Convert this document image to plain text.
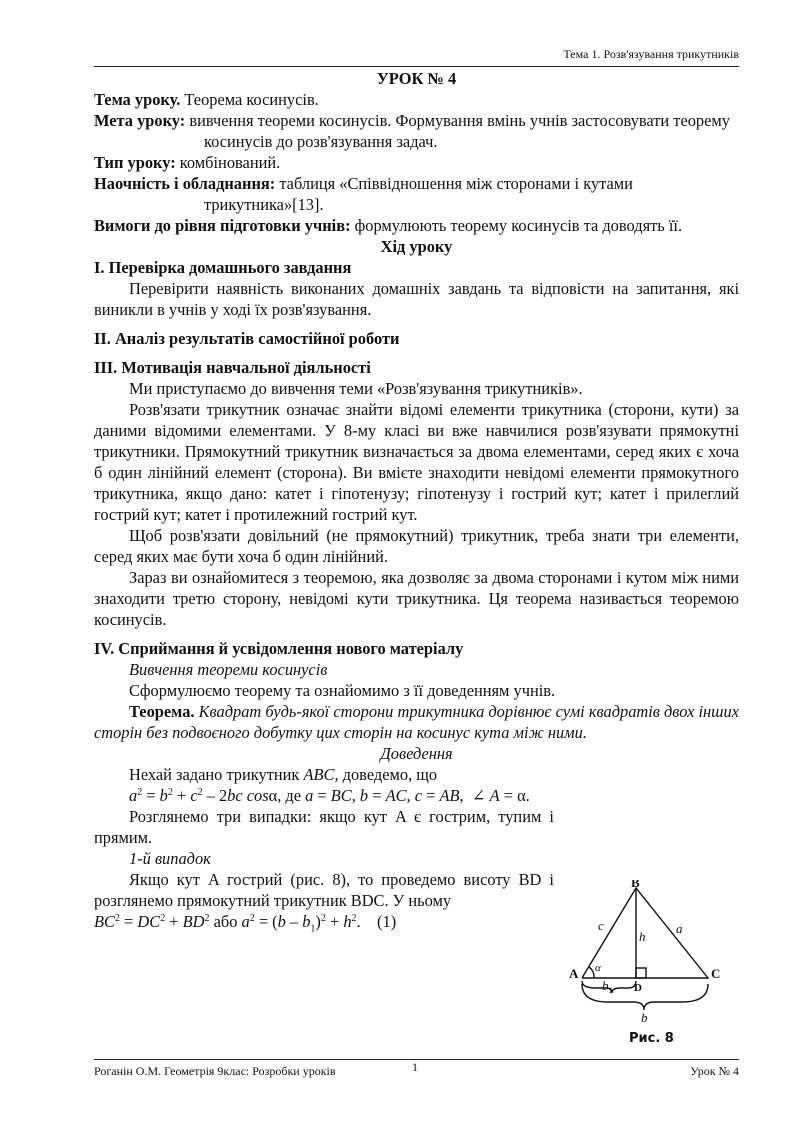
Тема 1. Розв'язування трикутників

УРОК № 4

Тема уроку. Теорема косинусів.

Мета уроку: вивчення теореми косинусів. Формування вмінь учнів застосовувати теорему косинусів до розв'язування задач.

Тип уроку: комбінований.

Наочність і обладнання: таблиця «Співвідношення між сторонами і кутами трикутника»[13].

Вимоги до рівня підготовки учнів: формулюють теорему косинусів та доводять її.

Хід уроку

I. Перевірка домашнього завдання

Перевірити наявність виконаних домашніх завдань та відповісти на запитання, які виникли в учнів у ході їх розв'язування.

II. Аналіз результатів самостійної роботи

III. Мотивація навчальної діяльності

Ми приступаємо до вивчення теми «Розв'язування трикутників».

Розв'язати трикутник означає знайти відомі елементи трикутника (сторони, кути) за даними відомими елементами. У 8-му класі ви вже навчилися розв'язувати прямокутні трикутники. Прямокутний трикутник визначається за двома елементами, серед яких є хоча б один лінійний елемент (сторона). Ви вмієте знаходити невідомі елементи прямокутного трикутника, якщо дано: катет і гіпотенузу; гіпотенузу і гострий кут; катет і прилеглий гострий кут; катет і протилежний гострий кут.

Щоб розв'язати довільний (не прямокутний) трикутник, треба знати три елементи, серед яких має бути хоча б один лінійний.

Зараз ви ознайомитеся з теоремою, яка дозволяє за двома сторонами і кутом між ними знаходити третю сторону, невідомі кути трикутника. Ця теорема називається теоремою косинусів.

IV. Сприймання й усвідомлення нового матеріалу

Вивчення теореми косинусів

Сформулюємо теорему та ознайомимо з її доведенням учнів.

Теорема. Квадрат будь-якої сторони трикутника дорівнює сумі квадратів двох інших сторін без подвоєного добутку цих сторін на косинус кута між ними.

Доведення

Нехай задано трикутник ABC, доведемо, що

$a^2 = b^2 + c^2 - 2bc$ cosα, де a = BC, b = AC, c = AB,  ∠ A = α.

Розглянемо три випадки: якщо кут A є гострим, тупим і прямим.

1-й випадок

Якщо кут A гострий (рис. 8), то проведемо висоту BD і розглянемо прямокутний трикутник BDC. У ньому

$BC^2 = DC^2 + BD^2$ або $a^2 = (b - b_1)^2 + h^2$.    (1)

B
A	C
D
c	a
h
α
$b_1$
b
Рис. 8
Роганін О.М. Геометрія 9клас: Розробки уроків	1	Урок № 4
